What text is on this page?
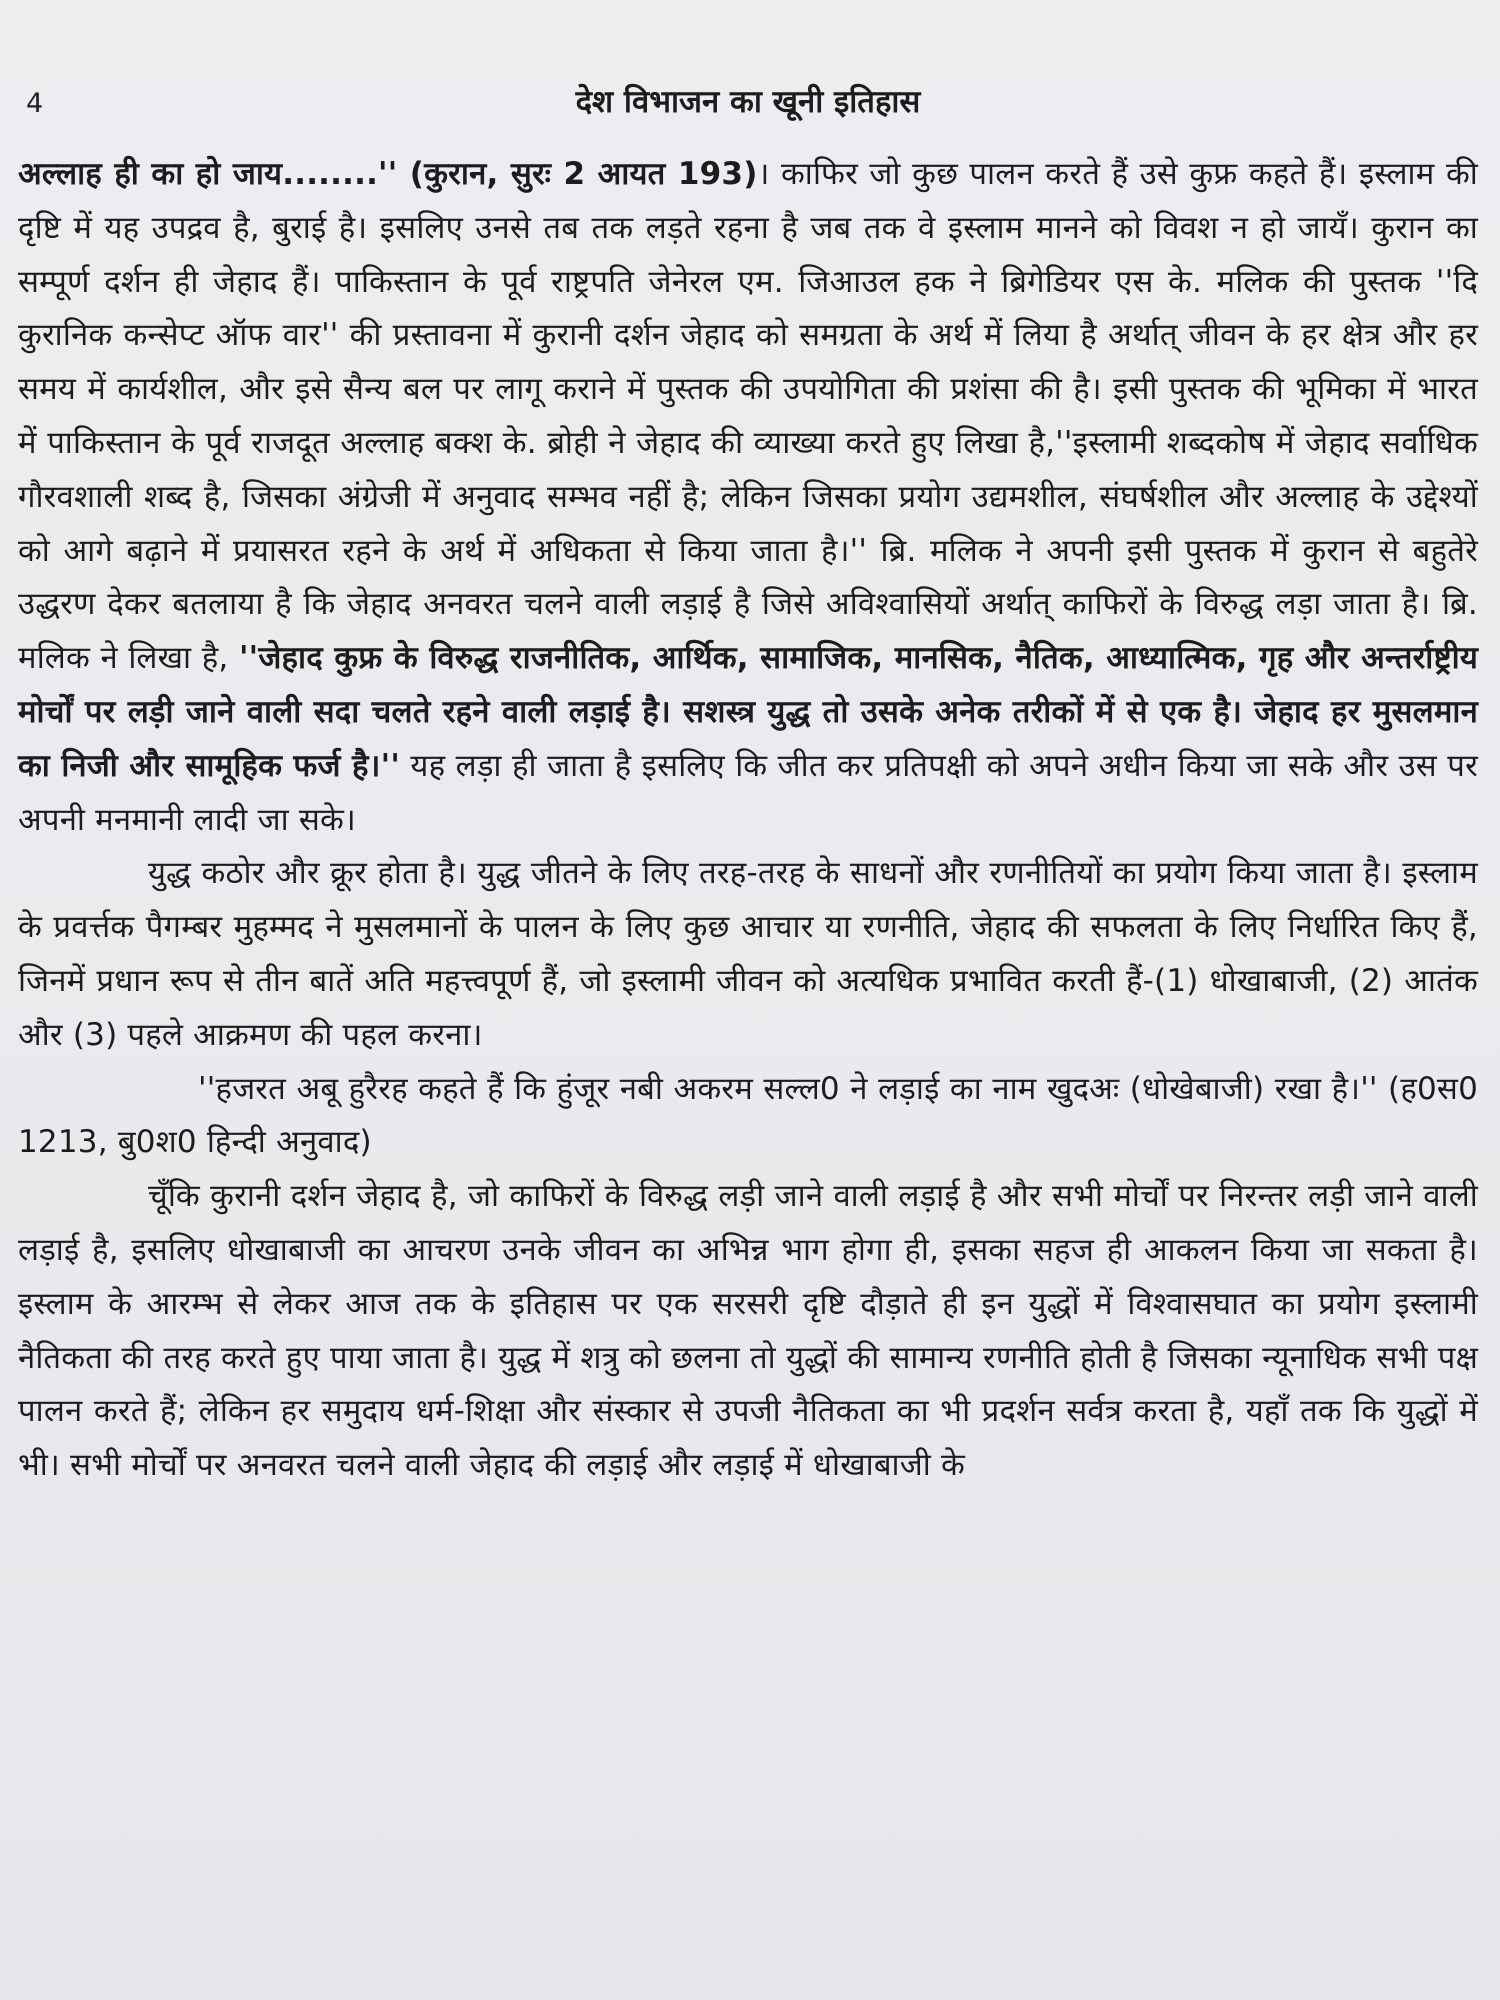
4	देश विभाजन का खूनी इतिहास

अल्लाह ही का हो जाय........'' (कुरान, सुरः 2 आयत 193)। काफिर जो कुछ पालन करते हैं उसे कुफ्र कहते हैं। इस्लाम की दृष्टि में यह उपद्रव है, बुराई है। इसलिए उनसे तब तक लड़ते रहना है जब तक वे इस्लाम मानने को विवश न हो जायँ। कुरान का सम्पूर्ण दर्शन ही जेहाद हैं। पाकिस्तान के पूर्व राष्ट्रपति जेनेरल एम. जिआउल हक ने ब्रिगेडियर एस के. मलिक की पुस्तक ''दि कुरानिक कन्सेप्ट ऑफ वार'' की प्रस्तावना में कुरानी दर्शन जेहाद को समग्रता के अर्थ में लिया है अर्थात् जीवन के हर क्षेत्र और हर समय में कार्यशील, और इसे सैन्य बल पर लागू कराने में पुस्तक की उपयोगिता की प्रशंसा की है। इसी पुस्तक की भूमिका में भारत में पाकिस्तान के पूर्व राजदूत अल्लाह बक्श के. ब्रोही ने जेहाद की व्याख्या करते हुए लिखा है,''इस्लामी शब्दकोष में जेहाद सर्वाधिक गौरवशाली शब्द है, जिसका अंग्रेजी में अनुवाद सम्भव नहीं है; लेकिन जिसका प्रयोग उद्यमशील, संघर्षशील और अल्लाह के उद्देश्यों को आगे बढ़ाने में प्रयासरत रहने के अर्थ में अधिकता से किया जाता है।'' ब्रि. मलिक ने अपनी इसी पुस्तक में कुरान से बहुतेरे उद्धरण देकर बतलाया है कि जेहाद अनवरत चलने वाली लड़ाई है जिसे अविश्वासियों अर्थात् काफिरों के विरुद्ध लड़ा जाता है। ब्रि. मलिक ने लिखा है, ''जेहाद कुफ्र के विरुद्ध राजनीतिक, आर्थिक, सामाजिक, मानसिक, नैतिक, आध्यात्मिक, गृह और अन्तर्राष्ट्रीय मोर्चों पर लड़ी जाने वाली सदा चलते रहने वाली लड़ाई है। सशस्त्र युद्ध तो उसके अनेक तरीकों में से एक है। जेहाद हर मुसलमान का निजी और सामूहिक फर्ज है।'' यह लड़ा ही जाता है इसलिए कि जीत कर प्रतिपक्षी को अपने अधीन किया जा सके और उस पर अपनी मनमानी लादी जा सके।

युद्ध कठोर और क्रूर होता है। युद्ध जीतने के लिए तरह-तरह के साधनों और रणनीतियों का प्रयोग किया जाता है। इस्लाम के प्रवर्त्तक पैगम्बर मुहम्मद ने मुसलमानों के पालन के लिए कुछ आचार या रणनीति, जेहाद की सफलता के लिए निर्धारित किए हैं, जिनमें प्रधान रूप से तीन बातें अति महत्त्वपूर्ण हैं, जो इस्लामी जीवन को अत्यधिक प्रभावित करती हैं-(1) धोखाबाजी, (2) आतंक और (3) पहले आक्रमण की पहल करना।

''हजरत अबू हुरैरह कहते हैं कि हुंजूर नबी अकरम सल्ल0 ने लड़ाई का नाम खुदअः (धोखेबाजी) रखा है।'' (ह0स0 1213, बु0श0 हिन्दी अनुवाद)

चूँकि कुरानी दर्शन जेहाद है, जो काफिरों के विरुद्ध लड़ी जाने वाली लड़ाई है और सभी मोर्चों पर निरन्तर लड़ी जाने वाली लड़ाई है, इसलिए धोखाबाजी का आचरण उनके जीवन का अभिन्न भाग होगा ही, इसका सहज ही आकलन किया जा सकता है। इस्लाम के आरम्भ से लेकर आज तक के इतिहास पर एक सरसरी दृष्टि दौड़ाते ही इन युद्धों में विश्वासघात का प्रयोग इस्लामी नैतिकता की तरह करते हुए पाया जाता है। युद्ध में शत्रु को छलना तो युद्धों की सामान्य रणनीति होती है जिसका न्यूनाधिक सभी पक्ष पालन करते हैं; लेकिन हर समुदाय धर्म-शिक्षा और संस्कार से उपजी नैतिकता का भी प्रदर्शन सर्वत्र करता है, यहाँ तक कि युद्धों में भी। सभी मोर्चों पर अनवरत चलने वाली जेहाद की लड़ाई और लड़ाई में धोखाबाजी के
